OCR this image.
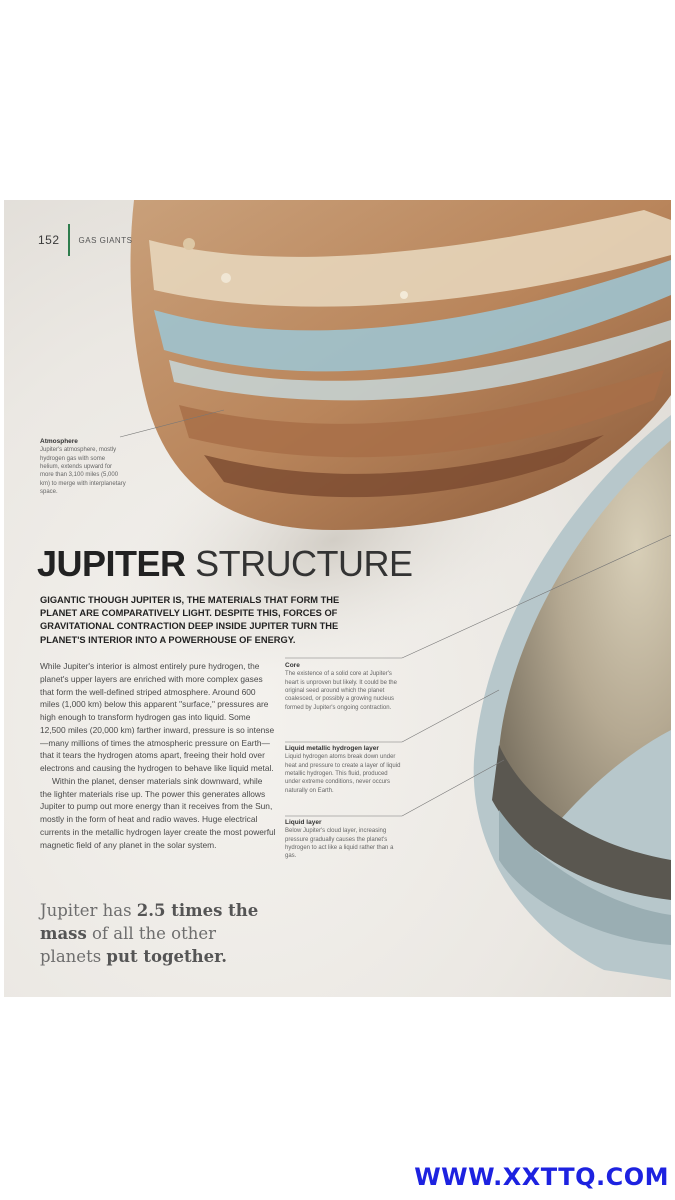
152 GAS GIANTS
Atmosphere
Jupiter's atmosphere, mostly hydrogen gas with some helium, extends upward for more than 3,100 miles (5,000 km) to merge with interplanetary space.
JUPITER STRUCTURE
GIGANTIC THOUGH JUPITER IS, THE MATERIALS THAT FORM THE PLANET ARE COMPARATIVELY LIGHT. DESPITE THIS, FORCES OF GRAVITATIONAL CONTRACTION DEEP INSIDE JUPITER TURN THE PLANET'S INTERIOR INTO A POWERHOUSE OF ENERGY.

While Jupiter's interior is almost entirely pure hydrogen, the planet's upper layers are enriched with more complex gases that form the well-defined striped atmosphere. Around 600 miles (1,000 km) below this apparent "surface," pressures are high enough to transform hydrogen gas into liquid. Some 12,500 miles (20,000 km) farther inward, pressure is so intense—many millions of times the atmospheric pressure on Earth—that it tears the hydrogen atoms apart, freeing their hold over electrons and causing the hydrogen to behave like liquid metal.

Within the planet, denser materials sink downward, while the lighter materials rise up. The power this generates allows Jupiter to pump out more energy than it receives from the Sun, mostly in the form of heat and radio waves. Huge electrical currents in the metallic hydrogen layer create the most powerful magnetic field of any planet in the solar system.

Jupiter has 2.5 times the mass of all the other planets put together.
Core
The existence of a solid core at Jupiter's heart is unproven but likely. It could be the original seed around which the planet coalesced, or possibly a growing nucleus formed by Jupiter's ongoing contraction.
Liquid metallic hydrogen layer
Liquid hydrogen atoms break down under heat and pressure to create a layer of liquid metallic hydrogen. This fluid, produced under extreme conditions, never occurs naturally on Earth.
Liquid layer
Below Jupiter's cloud layer, increasing pressure gradually causes the planet's hydrogen to act like a liquid rather than a gas.
WWW.XXTTQ.COM
